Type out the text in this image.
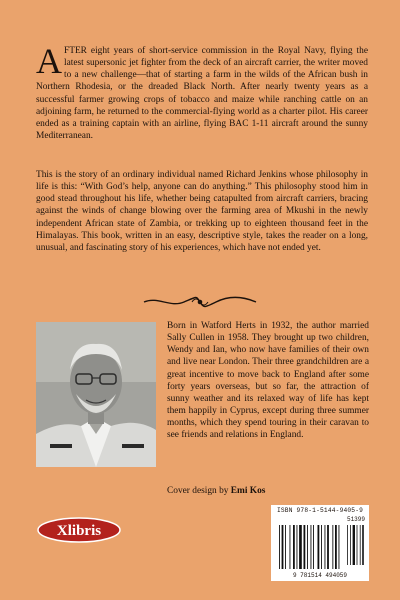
AFTER eight years of short-service commission in the Royal Navy, flying the latest supersonic jet fighter from the deck of an aircraft carrier, the writer moved to a new challenge—that of starting a farm in the wilds of the African bush in Northern Rhodesia, or the dreaded Black North. After nearly twenty years as a successful farmer growing crops of tobacco and maize while ranching cattle on an adjoining farm, he returned to the commercial-flying world as a charter pilot. His career ended as a training captain with an airline, flying BAC 1-11 aircraft around the sunny Mediterranean.

This is the story of an ordinary individual named Richard Jenkins whose philosophy in life is this: “With God’s help, anyone can do anything.” This philosophy stood him in good stead throughout his life, whether being catapulted from aircraft carriers, bracing against the winds of change blowing over the farming area of Mkushi in the newly independent African state of Zambia, or trekking up to eighteen thousand feet in the Himalayas. This book, written in an easy, descriptive style, takes the reader on a long, unusual, and fascinating story of his experiences, which have not ended yet.

Born in Watford Herts in 1932, the author married Sally Cullen in 1958. They brought up two children, Wendy and Ian, who now have families of their own and live near London. Their three grandchildren are a great incentive to move back to England after some forty years overseas, but so far, the attraction of sunny weather and its relaxed way of life has kept them happily in Cyprus, except during three summer months, which they spend touring in their caravan to see friends and relations in England.

Cover design by Emi Kos
Xlibris
ISBN 978-1-5144-9405-9
51399
9 781514 494059
